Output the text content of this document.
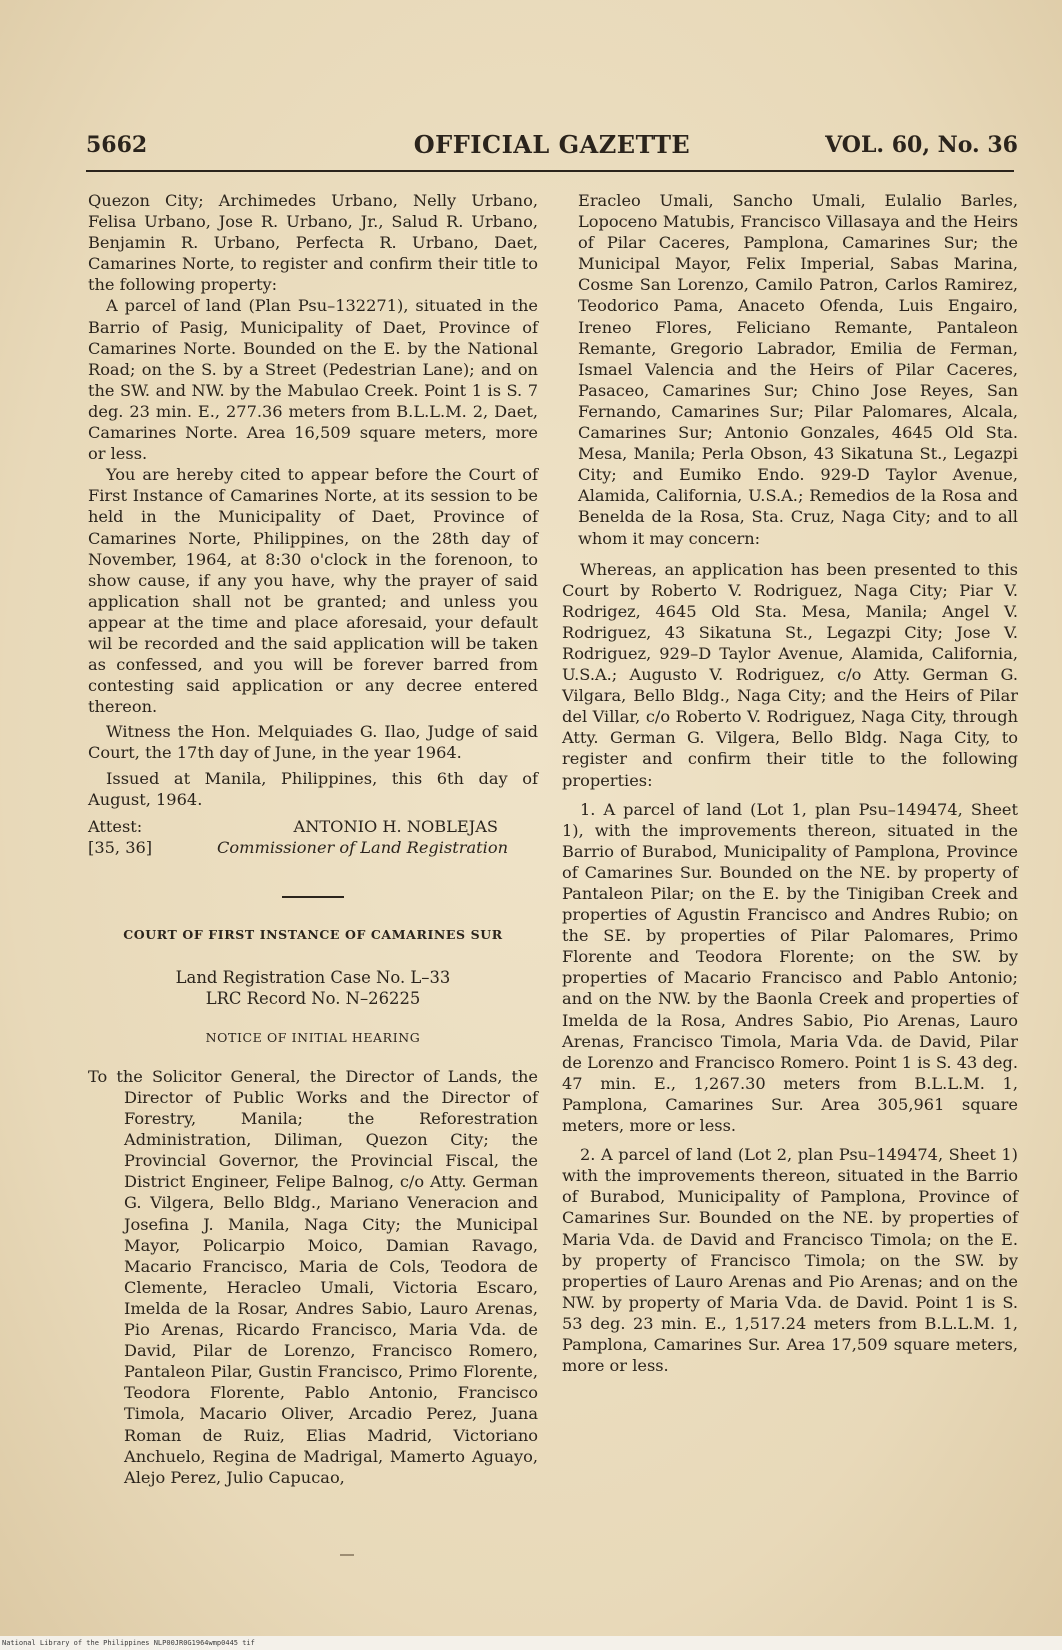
5662	OFFICIAL GAZETTE	VOL. 60, No. 36

Quezon City; Archimedes Urbano, Nelly Urbano, Felisa Urbano, Jose R. Urbano, Jr., Salud R. Urbano, Benjamin R. Urbano, Perfecta R. Urbano, Daet, Camarines Norte, to register and confirm their title to the following property:

A parcel of land (Plan Psu–132271), situated in the Barrio of Pasig, Municipality of Daet, Province of Camarines Norte. Bounded on the E. by the National Road; on the S. by a Street (Pedestrian Lane); and on the SW. and NW. by the Mabulao Creek. Point 1 is S. 7 deg. 23 min. E., 277.36 meters from B.L.L.M. 2, Daet, Camarines Norte. Area 16,509 square meters, more or less.

You are hereby cited to appear before the Court of First Instance of Camarines Norte, at its session to be held in the Municipality of Daet, Province of Camarines Norte, Philippines, on the 28th day of November, 1964, at 8:30 o'clock in the forenoon, to show cause, if any you have, why the prayer of said application shall not be granted; and unless you appear at the time and place aforesaid, your default wil be recorded and the said application will be taken as confessed, and you will be forever barred from contesting said application or any decree entered thereon.

Witness the Hon. Melquiades G. Ilao, Judge of said Court, the 17th day of June, in the year 1964.

Issued at Manila, Philippines, this 6th day of August, 1964.

Attest:
[35, 36]
ANTONIO H. NOBLEJAS
Commissioner of Land Registration

COURT OF FIRST INSTANCE OF CAMARINES SUR

Land Registration Case No. L–33

LRC Record No. N–26225

NOTICE OF INITIAL HEARING

To the Solicitor General, the Director of Lands, the Director of Public Works and the Director of Forestry, Manila; the Reforestration Administration, Diliman, Quezon City; the Provincial Governor, the Provincial Fiscal, the District Engineer, Felipe Balnog, c/o Atty. German G. Vilgera, Bello Bldg., Mariano Veneracion and Josefina J. Manila, Naga City; the Municipal Mayor, Policarpio Moico, Damian Ravago, Macario Francisco, Maria de Cols, Teodora de Clemente, Heracleo Umali, Victoria Escaro, Imelda de la Rosar, Andres Sabio, Lauro Arenas, Pio Arenas, Ricardo Francisco, Maria Vda. de David, Pilar de Lorenzo, Francisco Romero, Pantaleon Pilar, Gustin Francisco, Primo Florente, Teodora Florente, Pablo Antonio, Francisco Timola, Macario Oliver, Arcadio Perez, Juana Roman de Ruiz, Elias Madrid, Victoriano Anchuelo, Regina de Madrigal, Mamerto Aguayo, Alejo Perez, Julio Capucao,

Eracleo Umali, Sancho Umali, Eulalio Barles, Lopoceno Matubis, Francisco Villasaya and the Heirs of Pilar Caceres, Pamplona, Camarines Sur; the Municipal Mayor, Felix Imperial, Sabas Marina, Cosme San Lorenzo, Camilo Patron, Carlos Ramirez, Teodorico Pama, Anaceto Ofenda, Luis Engairo, Ireneo Flores, Feliciano Remante, Pantaleon Remante, Gregorio Labrador, Emilia de Ferman, Ismael Valencia and the Heirs of Pilar Caceres, Pasaceo, Camarines Sur; Chino Jose Reyes, San Fernando, Camarines Sur; Pilar Palomares, Alcala, Camarines Sur; Antonio Gonzales, 4645 Old Sta. Mesa, Manila; Perla Obson, 43 Sikatuna St., Legazpi City; and Eumiko Endo. 929-D Taylor Avenue, Alamida, California, U.S.A.; Remedios de la Rosa and Benelda de la Rosa, Sta. Cruz, Naga City; and to all whom it may concern:

Whereas, an application has been presented to this Court by Roberto V. Rodriguez, Naga City; Piar V. Rodrigez, 4645 Old Sta. Mesa, Manila; Angel V. Rodriguez, 43 Sikatuna St., Legazpi City; Jose V. Rodriguez, 929–D Taylor Avenue, Alamida, California, U.S.A.; Augusto V. Rodriguez, c/o Atty. German G. Vilgara, Bello Bldg., Naga City; and the Heirs of Pilar del Villar, c/o Roberto V. Rodriguez, Naga City, through Atty. German G. Vilgera, Bello Bldg. Naga City, to register and confirm their title to the following properties:

1. A parcel of land (Lot 1, plan Psu–149474, Sheet 1), with the improvements thereon, situated in the Barrio of Burabod, Municipality of Pamplona, Province of Camarines Sur. Bounded on the NE. by property of Pantaleon Pilar; on the E. by the Tinigiban Creek and properties of Agustin Francisco and Andres Rubio; on the SE. by properties of Pilar Palomares, Primo Florente and Teodora Florente; on the SW. by properties of Macario Francisco and Pablo Antonio; and on the NW. by the Baonla Creek and properties of Imelda de la Rosa, Andres Sabio, Pio Arenas, Lauro Arenas, Francisco Timola, Maria Vda. de David, Pilar de Lorenzo and Francisco Romero. Point 1 is S. 43 deg. 47 min. E., 1,267.30 meters from B.L.L.M. 1, Pamplona, Camarines Sur. Area 305,961 square meters, more or less.

2. A parcel of land (Lot 2, plan Psu–149474, Sheet 1) with the improvements thereon, situated in the Barrio of Burabod, Municipality of Pamplona, Province of Camarines Sur. Bounded on the NE. by properties of Maria Vda. de David and Francisco Timola; on the E. by property of Francisco Timola; on the SW. by properties of Lauro Arenas and Pio Arenas; and on the NW. by property of Maria Vda. de David. Point 1 is S. 53 deg. 23 min. E., 1,517.24 meters from B.L.L.M. 1, Pamplona, Camarines Sur. Area 17,509 square meters, more or less.

National Library of the Philippines NLP00JR0G1964wmp0445 tif
